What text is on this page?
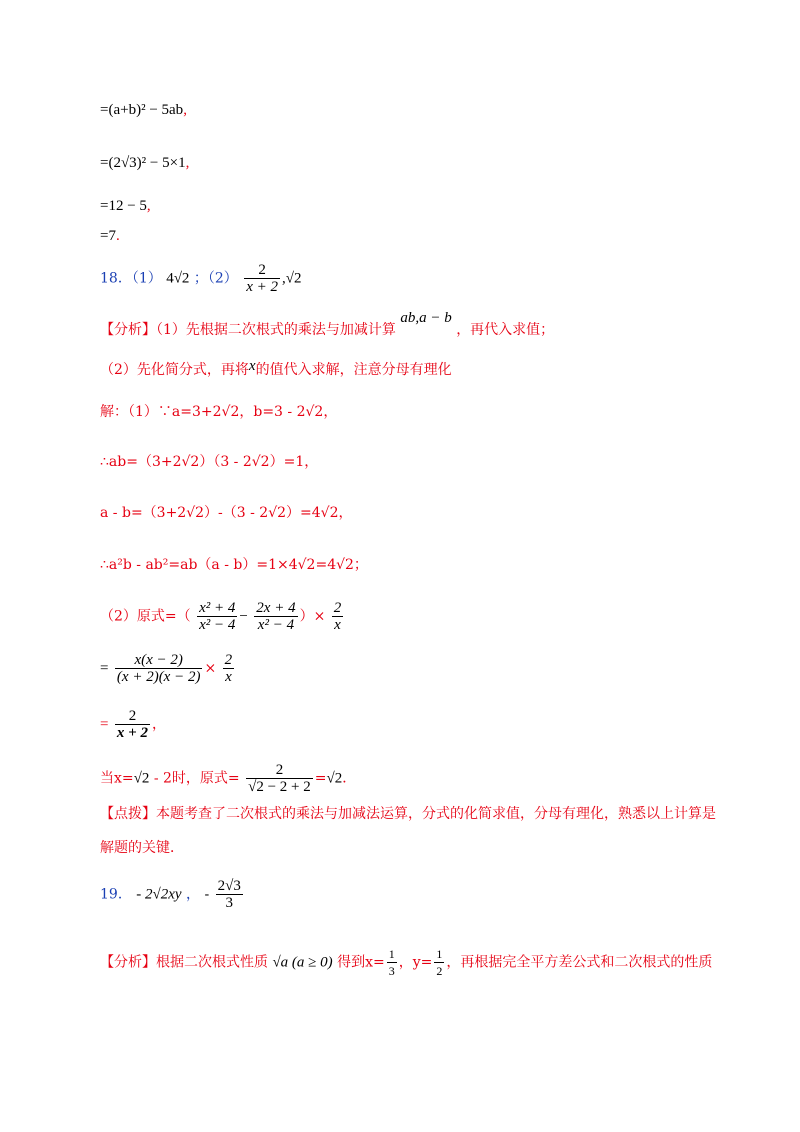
=(a+b)² − 5ab,
=(2√3)² − 5×1,
=12 − 5,
=7.
18．（1） 4√2 ；$(2) \frac{2}{x + 2} ,√2$
【分析】（1）先根据二次根式的乘法与加减计算 ab,a − b ，再代入求值；
（2）先化简分式，再将x的值代入求解，注意分母有理化
解：（1）∵a=3+2√2，b=3 - 2√2，
∴ab=（3+2√2）（3 - 2√2）=1，
a - b=（3+2√2）-（3 - 2√2）=4√2，
∴a²b - ab²=ab（a - b）=1×4√2=4√2；
（2）原式=（ $\frac{\text{x² + 4}}{\text{x² − 4}} - \frac{2x + 4}{\text{x² − 4}}$ ）× $\frac{2}{x}$
= $\frac{x(x - 2)}{(x + 2)(x - 2)} \times \frac{2}{x}$
= $\frac{2}{x + 2}$ ，
当x=√2 - 2时，原式= $\frac{2}{√2 - 2 + 2} =√2$．
【点拨】本题考查了二次根式的乘法与加减法运算，分式的化简求值，分母有理化，熟悉以上计算是
解题的关键．
19． - 2√2xy ， - $\frac{2√3}{3}$
【分析】根据二次根式性质 √a (a ≥ 0) 得到$x= \frac{1}{3}$ ，$y= \frac{1}{2}$ ，再根据完全平方差公式和二次根式的性质
